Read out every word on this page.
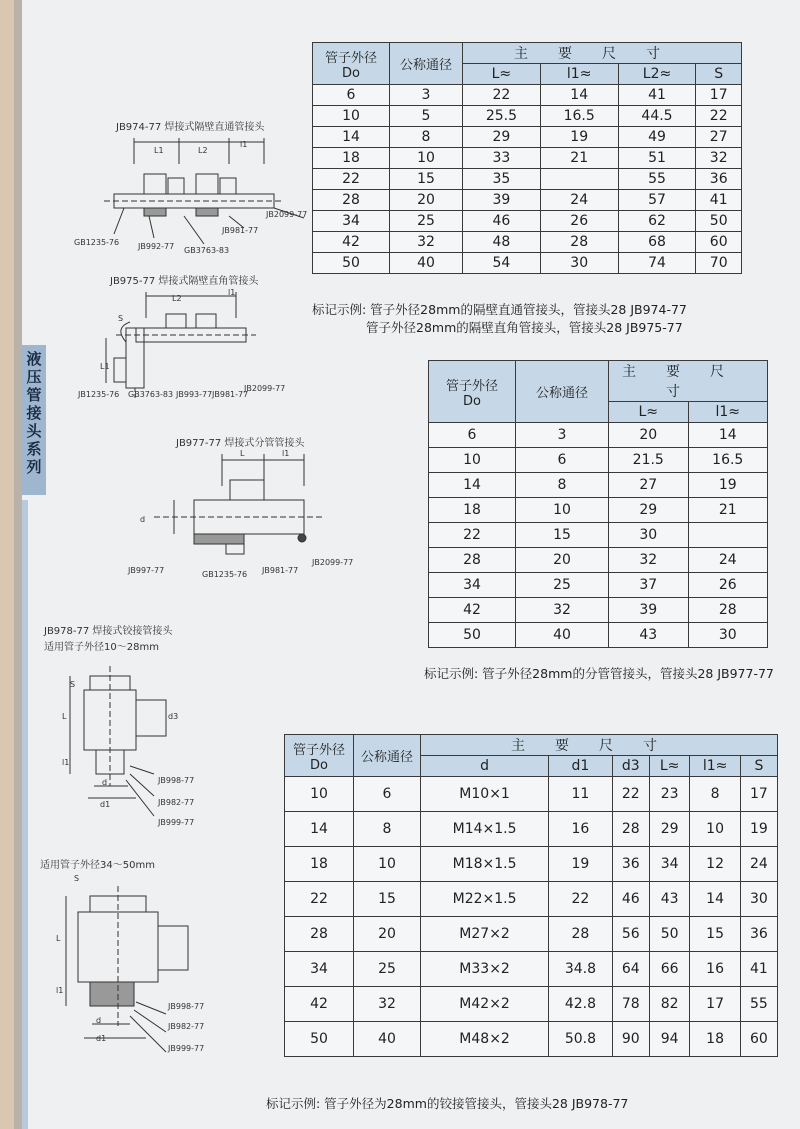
液
压
管
接
头
系
列
JB974-77 焊接式隔壁直通管接头
L1	L2
l1
GB1235-76 JB992-77 GB3763-83
JB981-77
JB2099-77
JB975-77 焊接式隔壁直角管接头
L2
l1
S
L1
JB1235-76 GB3763-83 JB993-77 JB981-77
JB2099-77
JB977-77 焊接式分管管接头
L	l1
d
JB997-77	GB1235-76 JB981-77
JB2099-77
JB978-77 焊接式铰接管接头
适用管子外径10～28mm
S
L
l1
d
d1
d3
JB998-77
JB982-77
JB999-77
适用管子外径34～50mm
S
L
l1
d
d1
JB998-77
JB982-77
JB999-77
管子外径
Do	公称通径	主要尺寸			
		L≈	l1≈	L2≈	S
6	3	22	14	41	17
10	5	25.5	16.5	44.5	22
14	8	29	19	49	27
18	10	33	21	51	32
22	15	35		55	36
28	20	39	24	57	41
34	25	46	26	62	50
42	32	48	28	68	60
50	40	54	30	74	70
标记示例: 管子外径28mm的隔壁直通管接头，管接头28 JB974-77
管子外径28mm的隔壁直角管接头，管接头28 JB975-77
管子外径
Do	公称通径	主要尺寸	
		L≈	l1≈
6	3	20	14
10	6	21.5	16.5
14	8	27	19
18	10	29	21
22	15	30	
28	20	32	24
34	25	37	26
42	32	39	28
50	40	43	30
标记示例: 管子外径28mm的分管管接头，管接头28 JB977-77
管子外径
Do	公称通径	主要尺寸					
		d	d1	d3	L≈	l1≈	S
10	6	M10×1	11	22	23	8	17
14	8	M14×1.5	16	28	29	10	19
18	10	M18×1.5	19	36	34	12	24
22	15	M22×1.5	22	46	43	14	30
28	20	M27×2	28	56	50	15	36
34	25	M33×2	34.8	64	66	16	41
42	32	M42×2	42.8	78	82	17	55
50	40	M48×2	50.8	90	94	18	60
标记示例: 管子外径为28mm的铰接管接头，管接头28 JB978-77
